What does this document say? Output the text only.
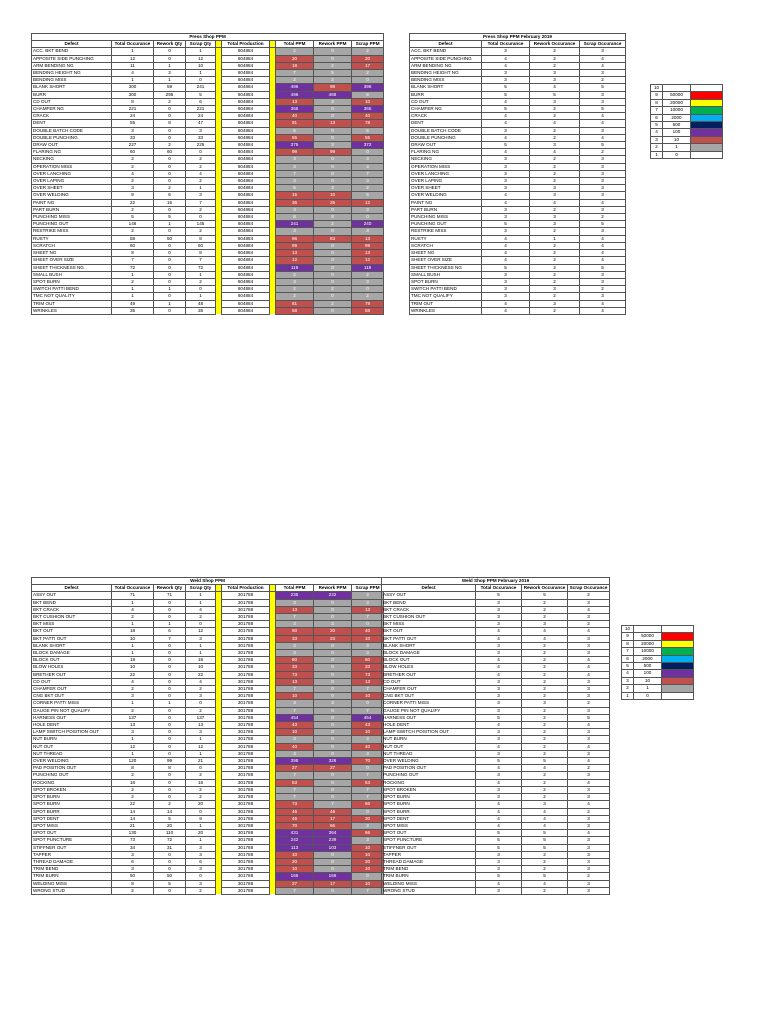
Press Shop PPM									
Defect	Total Occurance	Rework Qty	Scrap Qty		Total Production		Total PPM	Rework PPM	Scrap PPM
ACC. BKT BEND	1	0	1		604884		2	0	2
APPOSITE SIDE PUNCHING	12	0	12		604884		20	0	20
ARM BENDING NG	11	1	10		604884		18	2	17
BENDING HEIGHT NG	4	3	1		604884		7	5	2
BENDING MISS	1	1	0		604884		2	2	0
BLANK SHORT	300	59	241		604884		496	98	398
BURR	300	295	5		604884		496	488	8
CD OUT	8	2	6		604884		13	3	10
CHAMFER NG	221	0	221		604884		365	0	365
CRACK	24	0	24		604884		40	0	40
DENT	55	8	47		604884		91	13	78
DOUBLE BATCH CODE	3	0	3		604884		5	0	5
DOUBLE PUNCHING	33	0	33		604884		55	0	55
DRAW OUT	227	2	225		604884		375	3	372
FLARING NG	60	60	0		604884		99	99	0
NECKING	2	0	2		604884		3	0	3
OPERATION MISS	2	0	2		604884		3	0	3
OVER LANCHING	4	0	4		604884		7	0	7
OVER LAPING	2	0	2		604884		3	0	3
OVER SHEET	3	2	1		604884		5	3	2
OVER WELDING	9	6	3		604884		15	10	5
PAINT NG	22	15	7		604884		36	25	12
PART BURN	2	0	2		604884		3	0	3
PUNCHING MISS	5	5	0		604884		8	8	0
PUNCHING OUT	146	1	145		604884		241	2	240
RESTRIKE MISS	2	0	2		604884		3	0	3
RUSTY	58	50	8		604884		96	83	13
SCRATCH	60	0	60		604884		99	0	99
SHEET NG	8	0	8		604884		13	0	13
SHEET OVER SIZE	7	0	7		604884		12	0	12
SHEET THICKNESS NG	72	0	72		604884		119	0	119
SMALL BUSH	1	0	1		604884		2	0	2
SPOT BURN	2	0	2		604884		3	0	3
SWITCH PATTI BEND	1	1	0		604884		2	2	0
TMC NOT QUALITY	1	0	1		604884		2	0	2
TRIM OUT	49	1	48		604884		81	2	79
WRINKLES	35	0	35		604884		58	0	58
Press Shop PPM February 2019			
Defect	Total Occurance	Rework Occurance	Scrap Occurance
ACC. BKT BEND	3	2	3
APPOSITE SIDE PUNCHING	4	2	4
ARM BENDING NG	4	2	4
BENDING HEIGHT NG	3	3	3
BENDING MISS	3	3	2
BLANK SHORT	5	4	5
BURR	5	5	3
CD OUT	4	3	3
CHAMFER NG	5	2	5
CRACK	4	2	4
DENT	4	4	4
DOUBLE BATCH CODE	3	2	3
DOUBLE PUNCHING	4	2	4
DRAW OUT	5	3	5
FLARING NG	4	4	2
NECKING	3	2	3
OPERATION MISS	3	2	3
OVER LANCHING	3	2	3
OVER LAPING	3	2	3
OVER SHEET	3	3	3
OVER WELDING	4	3	3
PAINT NG	4	4	4
PART BURN	3	2	3
PUNCHING MISS	3	3	2
PUNCHING OUT	5	3	5
RESTRIKE MISS	3	2	3
RUSTY	4	1	4
SCRATCH	4	2	4
SHEET NG	4	2	4
SHEET OVER SIZE	4	2	4
SHEET THICKNESS NG	5	2	5
SMALL BUSH	3	2	3
SPOT BURN	3	2	3
SWITCH PATTI BEND	3	3	2
TMC NOT QUALIFY	3	2	3
TRIM OUT	4	3	4
WRINKLES	4	2	4
10		
9	50000	
8	20000	
7	10000	
6	2000	
5	500	
4	100	
3	10	
2	1	
1	0	
Weld Shop PPM									
Defect	Total Occurance	Rework Qty	Scrap Qty		Total Production		Total PPM	Rework PPM	Scrap PPM
ASSY OUT	71	71	1		301788		235	232	3
BKT BEND	1	0	1		301788		3	0	3
BKT CRACK	4	0	4		301788		13	0	13
BKT CUSHION OUT	2	0	2		301788		7	0	7
BKT MISS	1	1	0		301788		3	3	0
BKT OUT	18	6	12		301788		60	20	40
BKT PATTI OUT	10	7	3		301788		33	23	10
BLANK SHORT	1	0	1		301788		3	0	3
BLOCK DAMAGE	1	0	1		301788		3	0	3
BLOCK OUT	18	0	18		301788		60	0	60
BLOW HOLES	10	0	10		301788		33	0	33
BRETHER OUT	22	0	22		301788		73	0	73
CD OUT	4	0	4		301788		13	0	13
CHAMFER OUT	2	0	2		301788		7	0	7
CNG BKT OUT	3	0	3		301788		10	0	10
CORNER PATTI MISS	1	1	0		301788		3	3	0
GAUGE PIN NOT QUALIFY	2	0	2		301788		7	0	7
HARNESS OUT	137	0	137		301788		454	0	454
HOLE DENT	13	0	13		301788		43	0	43
LAMP SWITCH POSITION OUT	3	0	3		301788		10	0	10
NUT BURN	1	0	1		301788		3	0	3
NUT OUT	12	0	12		301788		40	0	40
NUT THREAD	1	0	1		301788		3	0	3
OVER WELDING	120	99	21		301788		398	328	70
PAD POSITION OUT	8	8	0		301788		27	27	0
PUNCHING OUT	2	0	2		301788		7	0	7
ROCKING	16	0	16		301788		53	0	53
SPOT BROKEN	2	0	2		301788		7	0	7
SPOT BURN	2	0	2		301788		7	0	7
SPOT BURN	22	2	20		301788		73	7	66
SPOT BURR	14	14	0		301788		46	46	0
SPOT DENT	14	5	9		301788		46	17	30
SPOT MISS	21	20	1		301788		70	66	3
SPOT OUT	130	110	20		301788		431	364	66
SPOT PUNCTURE	73	72	1		301788		242	239	3
STIFFNER OUT	34	31	3		301788		113	103	10
TAPPER	3	0	3		301788		10	0	10
THREAD DAMAGE	6	0	6		301788		20	0	20
TRIM BEND	3	0	3		301788		10	0	10
TRIM BURN	50	50	0		301788		166	166	0
WELDING MISS	8	5	3		301788		27	17	10
WRONG STUD	2	0	2		301788		7	0	7
Weld Shop PPM February 2019			
Defect	Total Occurance	Rework Occurance	Scrap Occurance
ASSY OUT	5	5	2
BKT BEND	3	2	3
BKT CRACK	3	2	4
BKT CUSHION OUT	3	2	3
BKT MISS	3	3	2
BKT OUT	4	4	4
BKT PATTI OUT	4	4	3
BLANK SHORT	3	2	3
BLOCK DAMAGE	3	2	3
BLOCK OUT	4	2	4
BLOW HOLES	4	2	4
BRETHER OUT	4	2	4
CD OUT	3	2	3
CHAMFER OUT	3	2	3
CNG BKT OUT	3	2	3
CORNER PATTI MISS	3	3	2
GAUGE PIN NOT QUALIFY	3	2	3
HARNESS OUT	5	2	5
HOLE DENT	4	2	4
LAMP SWITCH POSITION OUT	3	2	3
NUT BURN	3	2	3
NUT OUT	4	2	4
NUT THREAD	3	2	3
OVER WELDING	5	5	4
PAD POSITION OUT	4	4	2
PUNCHING OUT	3	2	3
ROCKING	4	2	4
SPOT BROKEN	3	2	3
SPOT BURN	3	2	3
SPOT BURN	4	3	4
SPOT BURR	4	4	2
SPOT DENT	4	4	3
SPOT MISS	4	4	3
SPOT OUT	5	5	4
SPOT PUNCTURE	5	5	3
STIFFNER OUT	5	5	3
TAPPER	3	2	3
THREAD DAMAGE	3	2	3
TRIM BEND	3	2	3
TRIM BURN	5	5	2
WELDING MISS	4	4	3
WRONG STUD	3	2	3
10		
9	50000	
8	20000	
7	10000	
6	2000	
5	500	
4	100	
3	10	
2	1	
1	0	
